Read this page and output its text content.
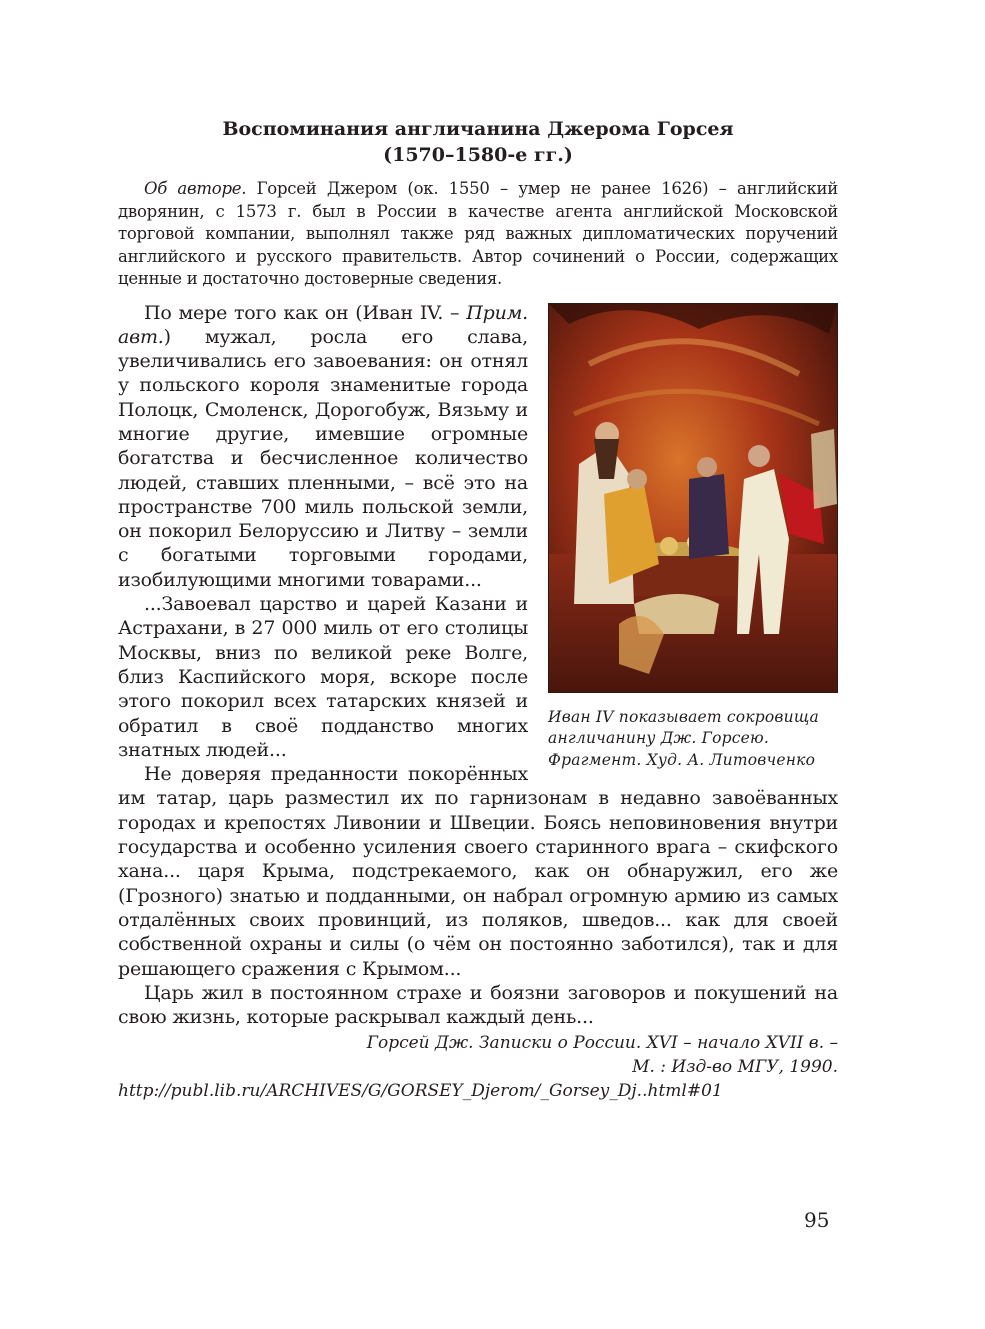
Воспоминания англичанина Джерома Горсея
(1570–1580-е гг.)
Об авторе. Горсей Джером (ок. 1550 – умер не ранее 1626) – английский дворянин, с 1573 г. был в России в качестве агента английской Московской торговой компании, выполнял также ряд важных дипломатических поручений английского и русского правительств. Автор сочинений о России, содержащих ценные и достаточно достоверные сведения.
Иван IV показывает сокровища англичанину Дж. Горсею. Фрагмент. Худ. А. Литовченко

По мере того как он (Иван IV. – Прим. авт.) мужал, росла его слава, увеличивались его завоевания: он отнял у польского короля знаменитые города Полоцк, Смоленск, Дорогобуж, Вязьму и многие другие, имевшие огромные богатства и бесчисленное количество людей, ставших пленными, – всё это на пространстве 700 миль польской земли, он покорил Белоруссию и Литву – земли с богатыми торговыми городами, изобилующими многими товарами...

...Завоевал царство и царей Казани и Астрахани, в 27 000 миль от его столицы Москвы, вниз по великой реке Волге, близ Каспийского моря, вскоре после этого покорил всех татарских князей и обратил в своё подданство многих знатных людей...

Не доверяя преданности покорённых им татар, царь разместил их по гарнизонам в недавно завоёванных городах и крепостях Ливонии и Швеции. Боясь неповиновения внутри государства и особенно усиления своего старинного врага – скифского хана... царя Крыма, подстрекаемого, как он обнаружил, его же (Грозного) знатью и подданными, он набрал огромную армию из самых отдалённых своих провинций, из поляков, шведов... как для своей собственной охраны и силы (о чём он постоянно заботился), так и для решающего сражения с Крымом...

Царь жил в постоянном страхе и боязни заговоров и покушений на свою жизнь, которые раскрывал каждый день...

Горсей Дж. Записки о России. XVI – начало XVII в. –
М. : Изд-во МГУ, 1990.
http://publ.lib.ru/ARCHIVES/G/GORSEY_Djerom/_Gorsey_Dj..html#01
95
